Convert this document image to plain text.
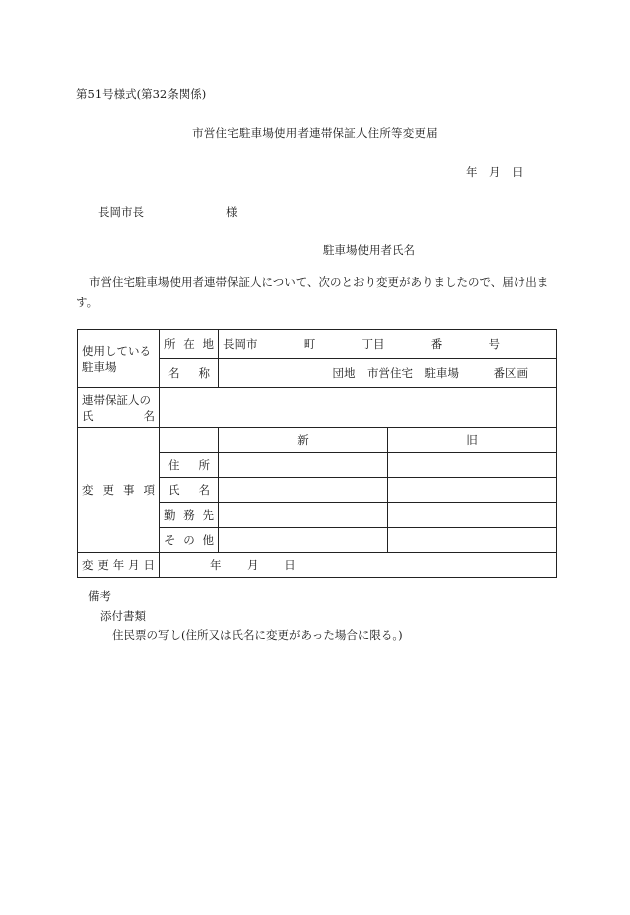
第51号様式(第32条関係)
市営住宅駐車場使用者連帯保証人住所等変更届
年　月　日
長岡市長	様
駐車場使用者氏名
市営住宅駐車場使用者連帯保証人について、次のとおり変更がありましたので、届け出ます。
使用している駐車場	所 在 地	長岡市 町 丁目 番 号	

	名 称	団地　市営住宅　駐車場　　　番区画	

連帯保証人の
氏 名			

変 更 事 項		新	旧

	住 所		

	氏 名		

	勤 務 先		

	そ の 他		

変 更 年 月 日	年 月 日		
備考
添付書類
住民票の写し(住所又は氏名に変更があった場合に限る。)
